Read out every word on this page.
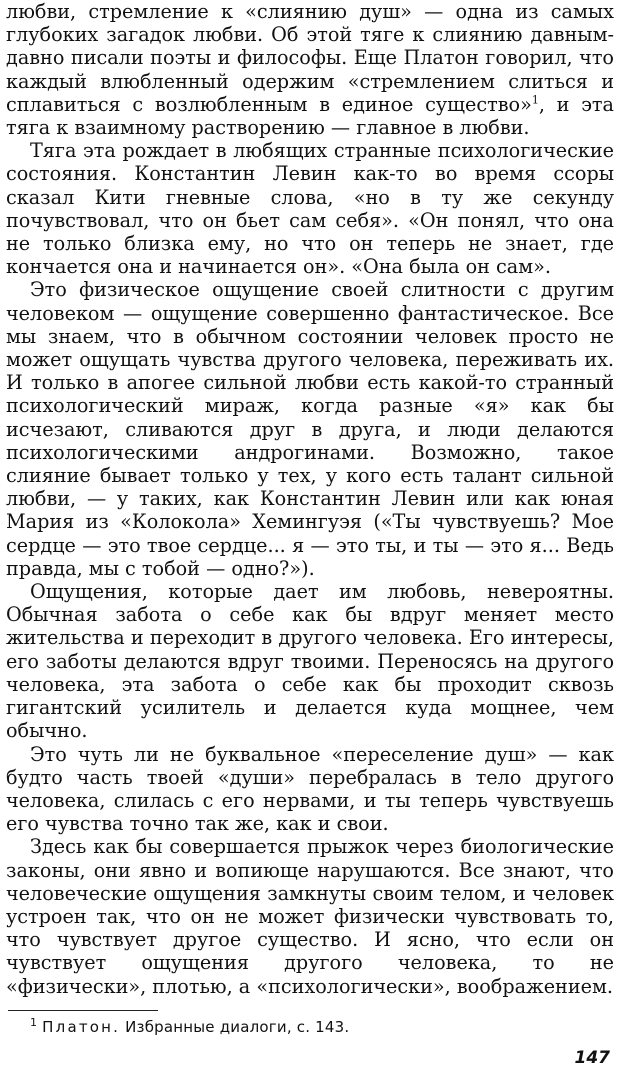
любви, стремление к «слиянию душ» — одна из самых глубоких загадок любви. Об этой тяге к слиянию давным-давно писали поэты и философы. Еще Платон говорил, что каждый влюбленный одержим «стремлением слиться и сплавиться с возлюбленным в единое существо»$^1$, и эта тяга к взаимному растворению — главное в любви.

Тяга эта рождает в любящих странные психологические состояния. Константин Левин как-то во время ссоры сказал Кити гневные слова, «но в ту же секунду почувствовал, что он бьет сам себя». «Он понял, что она не только близка ему, но что он теперь не знает, где кончается она и начинается он». «Она была он сам».

Это физическое ощущение своей слитности с другим человеком — ощущение совершенно фантастическое. Все мы знаем, что в обычном состоянии человек просто не может ощущать чувства другого человека, переживать их. И только в апогее сильной любви есть какой-то странный психологический мираж, когда разные «я» как бы исчезают, сливаются друг в друга, и люди делаются психологическими андрогинами. Возможно, такое слияние бывает только у тех, у кого есть талант сильной любви, — у таких, как Константин Левин или как юная Мария из «Колокола» Хемингуэя («Ты чувствуешь? Мое сердце — это твое сердце... я — это ты, и ты — это я... Ведь правда, мы с тобой — одно?»).

Ощущения, которые дает им любовь, невероятны. Обычная забота о себе как бы вдруг меняет место жительства и переходит в другого человека. Его интересы, его заботы делаются вдруг твоими. Переносясь на другого человека, эта забота о себе как бы проходит сквозь гигантский усилитель и делается куда мощнее, чем обычно.

Это чуть ли не буквальное «переселение душ» — как будто часть твоей «души» перебралась в тело другого человека, слилась с его нервами, и ты теперь чувствуешь его чувства точно так же, как и свои.

Здесь как бы совершается прыжок через биологические законы, они явно и вопиюще нарушаются. Все знают, что человеческие ощущения замкнуты своим телом, и человек устроен так, что он не может физически чувствовать то, что чувствует другое существо. И ясно, что если он чувствует ощущения другого человека, то не «физически», плотью, а «психологически», воображением.

$^1$ Платон. Избранные диалоги, с. 143.
147
